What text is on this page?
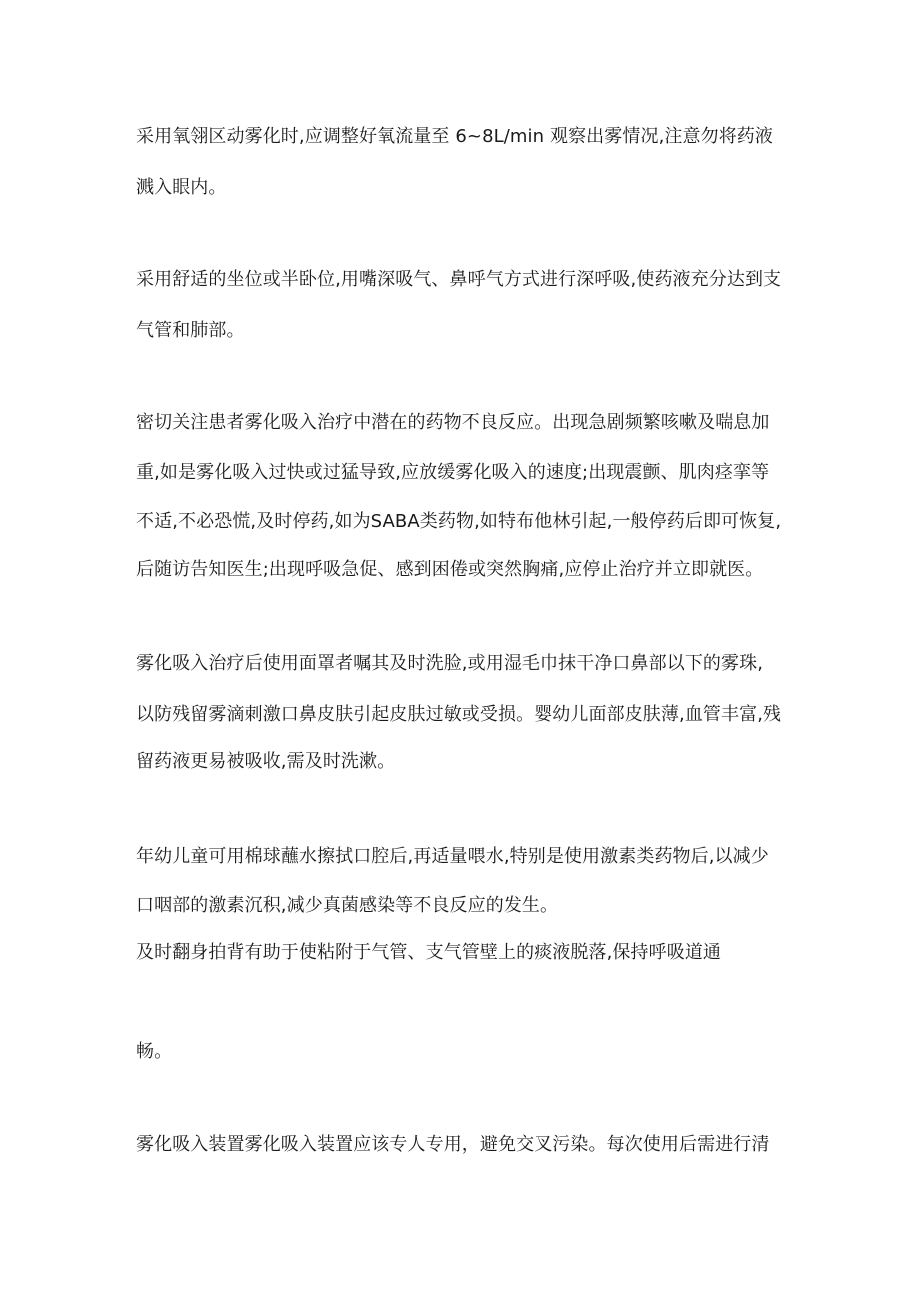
采用氧翎区动雾化时,应调整好氧流量至 6~8L/min 观察出雾情况,注意勿将药液
溅入眼内。
采用舒适的坐位或半卧位,用嘴深吸气、鼻呼气方式进行深呼吸,使药液充分达到支
气管和肺部。
密切关注患者雾化吸入治疗中潜在的药物不良反应。出现急剧频繁咳嗽及喘息加
重,如是雾化吸入过快或过猛导致,应放缓雾化吸入的速度;出现震颤、肌肉痉挛等
不适,不必恐慌,及时停药,如为SABA类药物,如特布他林引起,一般停药后即可恢复,
后随访告知医生;出现呼吸急促、感到困倦或突然胸痛,应停止治疗并立即就医。
雾化吸入治疗后使用面罩者嘱其及时洗脸,或用湿毛巾抹干净口鼻部以下的雾珠,
以防残留雾滴刺激口鼻皮肤引起皮肤过敏或受损。婴幼儿面部皮肤薄,血管丰富,残
留药液更易被吸收,需及时洗漱。
年幼儿童可用棉球蘸水擦拭口腔后,再适量喂水,特别是使用激素类药物后,以减少
口咽部的激素沉积,减少真菌感染等不良反应的发生。
及时翻身拍背有助于使粘附于气管、支气管壁上的痰液脱落,保持呼吸道通
畅。
雾化吸入装置雾化吸入装置应该专人专用，避免交叉污染。每次使用后需进行清
